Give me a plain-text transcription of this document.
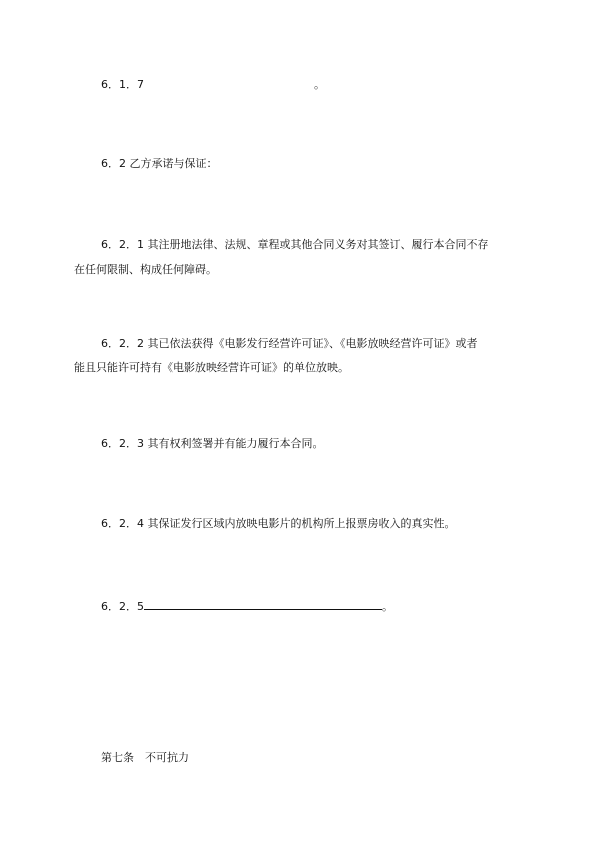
6．1．7	。
6．2 乙方承诺与保证：
6．2．1 其注册地法律、法规、章程或其他合同义务对其签订、履行本合同不存
在任何限制、构成任何障碍。
6．2．2 其已依法获得《电影发行经营许可证》、《电影放映经营许可证》或者
能且只能许可持有《电影放映经营许可证》的单位放映。
6．2．3 其有权利签署并有能力履行本合同。
6．2．4 其保证发行区域内放映电影片的机构所上报票房收入的真实性。
6．2．5	。
第七条　不可抗力
